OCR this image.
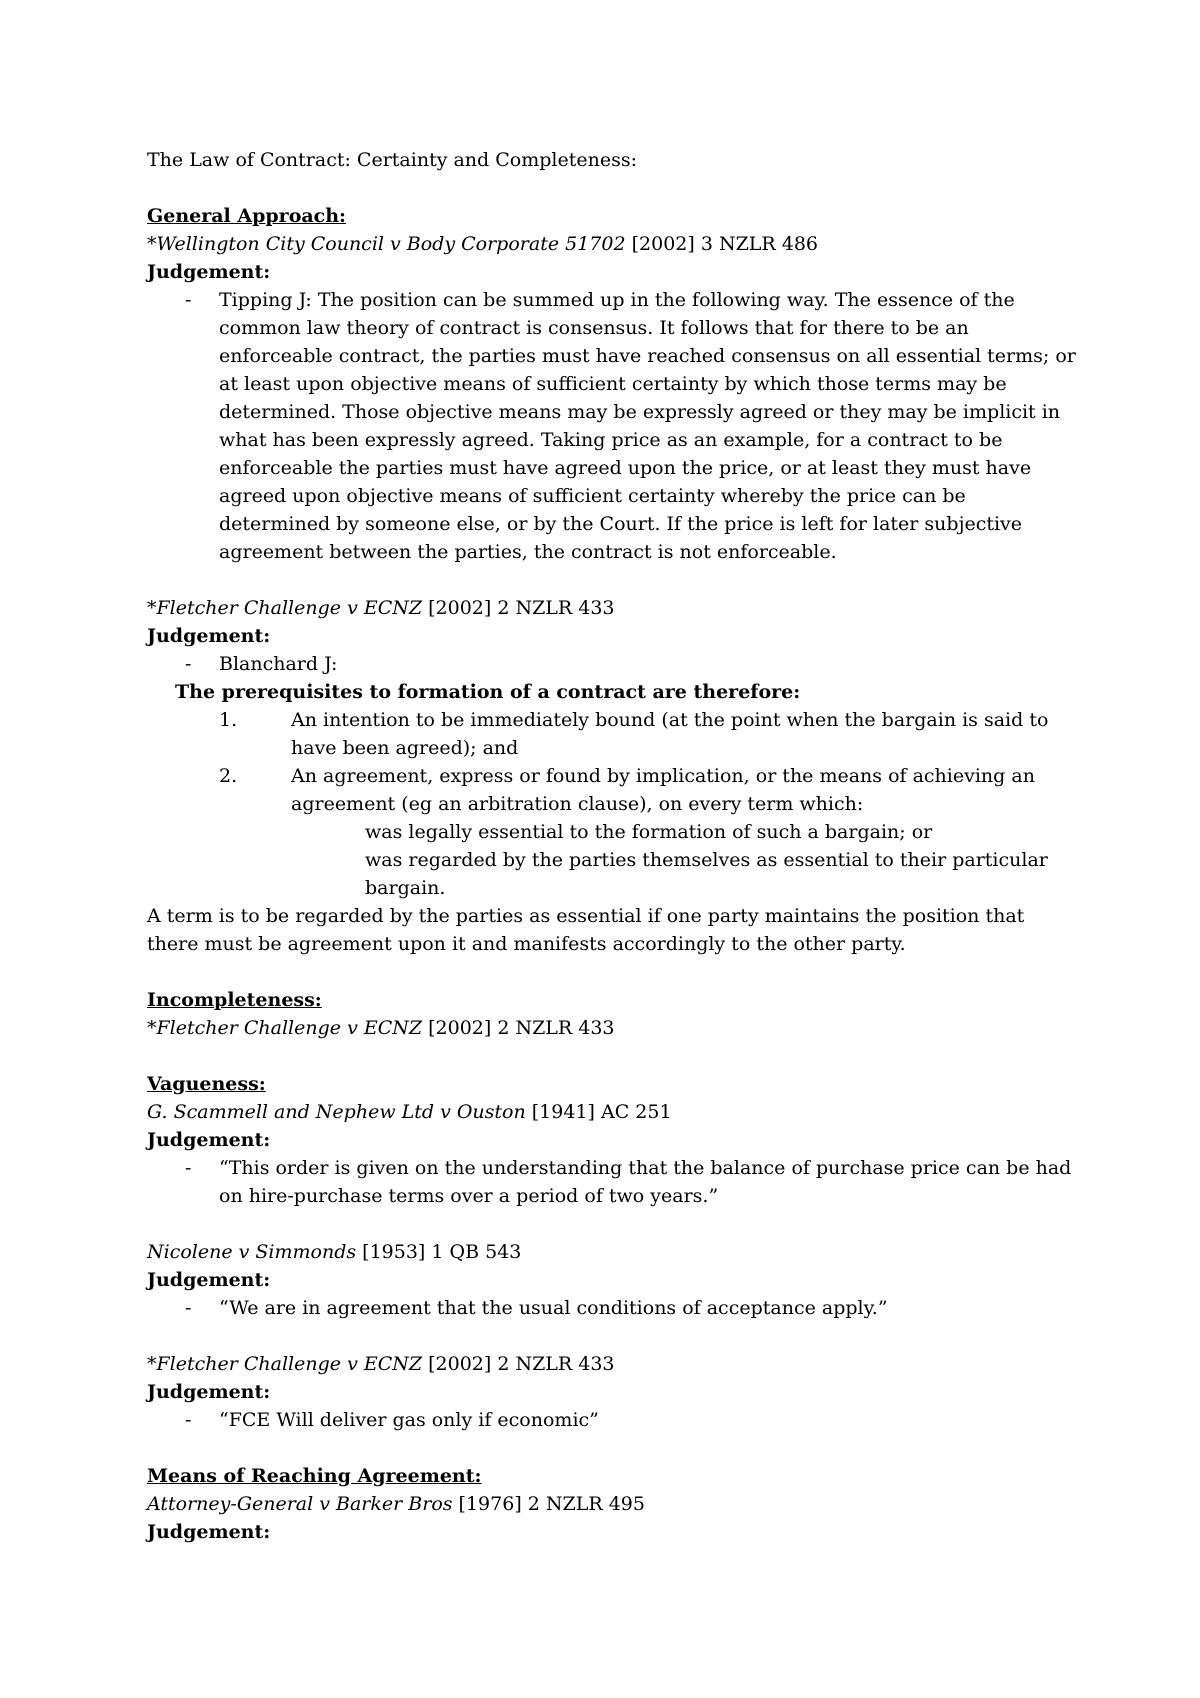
The Law of Contract: Certainty and Completeness:
General Approach:
*Wellington City Council v Body Corporate 51702 [2002] 3 NZLR 486
Judgement:
-	Tipping J: The position can be summed up in the following way. The essence of the common law theory of contract is consensus. It follows that for there to be an enforceable contract, the parties must have reached consensus on all essential terms; or at least upon objective means of sufficient certainty by which those terms may be determined. Those objective means may be expressly agreed or they may be implicit in what has been expressly agreed. Taking price as an example, for a contract to be enforceable the parties must have agreed upon the price, or at least they must have agreed upon objective means of sufficient certainty whereby the price can be determined by someone else, or by the Court. If the price is left for later subjective agreement between the parties, the contract is not enforceable.
*Fletcher Challenge v ECNZ [2002] 2 NZLR 433
Judgement:
-	Blanchard J:
The prerequisites to formation of a contract are therefore:
1.	An intention to be immediately bound (at the point when the bargain is said to have been agreed); and
2.	An agreement, express or found by implication, or the means of achieving an agreement (eg an arbitration clause), on every term which:
was legally essential to the formation of such a bargain; or
was regarded by the parties themselves as essential to their particular bargain.
A term is to be regarded by the parties as essential if one party maintains the position that there must be agreement upon it and manifests accordingly to the other party.
Incompleteness:
*Fletcher Challenge v ECNZ [2002] 2 NZLR 433
Vagueness:
G. Scammell and Nephew Ltd v Ouston [1941] AC 251
Judgement:
-	“This order is given on the understanding that the balance of purchase price can be had on hire-purchase terms over a period of two years.”
Nicolene v Simmonds [1953] 1 QB 543
Judgement:
-	“We are in agreement that the usual conditions of acceptance apply.”
*Fletcher Challenge v ECNZ [2002] 2 NZLR 433
Judgement:
-	“FCE Will deliver gas only if economic”
Means of Reaching Agreement:
Attorney-General v Barker Bros [1976] 2 NZLR 495
Judgement:
